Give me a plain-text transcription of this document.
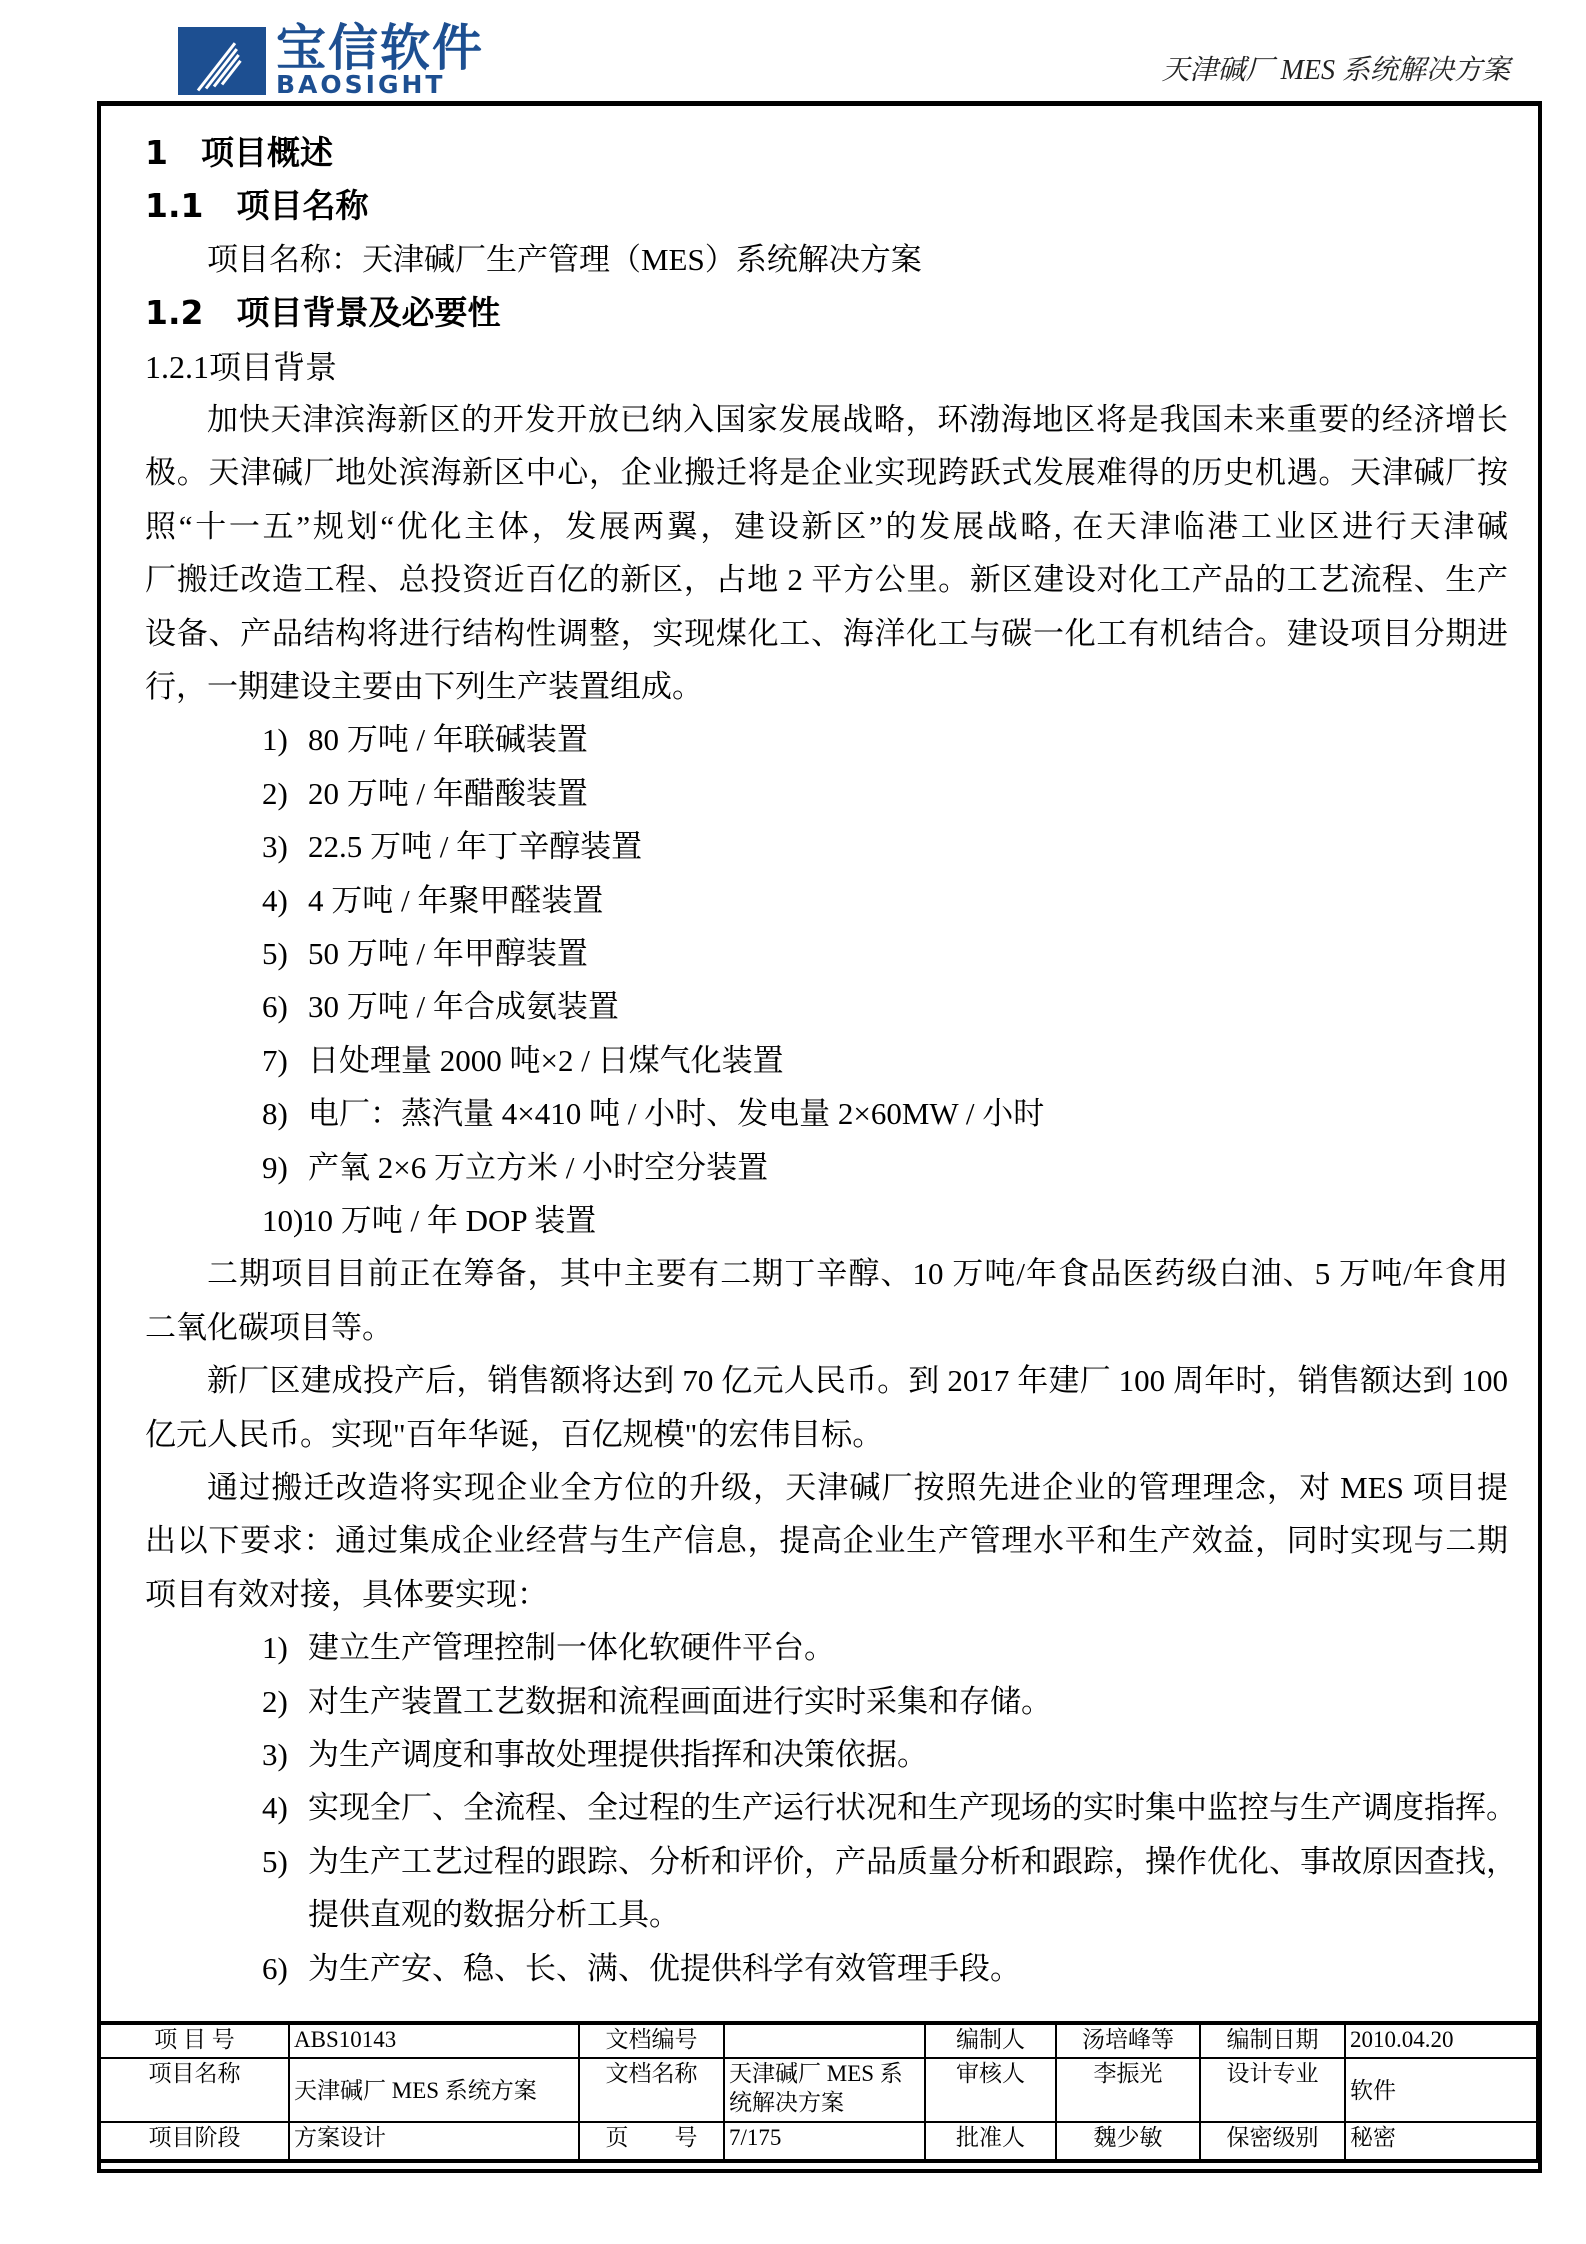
宝信软件
BAOSIGHT	天津碱厂 MES 系统解决方案
1　项目概述
1.1　项目名称
项目名称：天津碱厂生产管理（MES）系统解决方案
1.2　项目背景及必要性
1.2.1项目背景
加快天津滨海新区的开发开放已纳入国家发展战略，环渤海地区将是我国未来重要的经济增长
极。天津碱厂地处滨海新区中心，企业搬迁将是企业实现跨跃式发展难得的历史机遇。天津碱厂按
照“十一五”规划“优化主体，发展两翼，建设新区”的发展战略, 在天津临港工业区进行天津碱
厂搬迁改造工程、总投资近百亿的新区，占地 2 平方公里。新区建设对化工产品的工艺流程、生产
设备、产品结构将进行结构性调整，实现煤化工、海洋化工与碳一化工有机结合。建设项目分期进
行，一期建设主要由下列生产装置组成。
1) 80 万吨 / 年联碱装置
2) 20 万吨 / 年醋酸装置
3) 22.5 万吨 / 年丁辛醇装置
4) 4 万吨 / 年聚甲醛装置
5) 50 万吨 / 年甲醇装置
6) 30 万吨 / 年合成氨装置
7) 日处理量 2000 吨×2 / 日煤气化装置
8) 电厂：蒸汽量 4×410 吨 / 小时、发电量 2×60MW / 小时
9) 产氧 2×6 万立方米 / 小时空分装置
10)
10 万吨 / 年 DOP 装置
二期项目目前正在筹备，其中主要有二期丁辛醇、10 万吨/年食品医药级白油、5 万吨/年食用
二氧化碳项目等。
新厂区建成投产后，销售额将达到 70 亿元人民币。到 2017 年建厂 100 周年时，销售额达到 100
亿元人民币。实现"百年华诞，百亿规模"的宏伟目标。
通过搬迁改造将实现企业全方位的升级，天津碱厂按照先进企业的管理理念，对 MES 项目提
出以下要求：通过集成企业经营与生产信息，提高企业生产管理水平和生产效益，同时实现与二期
项目有效对接，具体要实现：
1) 建立生产管理控制一体化软硬件平台。
2) 对生产装置工艺数据和流程画面进行实时采集和存储。
3) 为生产调度和事故处理提供指挥和决策依据。
4) 实现全厂、全流程、全过程的生产运行状况和生产现场的实时集中监控与生产调度指挥。
5) 为生产工艺过程的跟踪、分析和评价，产品质量分析和跟踪，操作优化、事故原因查找，
提供直观的数据分析工具。
6) 为生产安、稳、长、满、优提供科学有效管理手段。
项 目 号	ABS10143	文档编号		编制人	汤培峰等	编制日期	2010.04.20
项目名称	天津碱厂 MES 系统方案	文档名称	天津碱厂 MES 系统解决方案	审核人	李振光	设计专业	软件
项目阶段	方案设计	页　　号	7/175	批准人	魏少敏	保密级别	秘密
